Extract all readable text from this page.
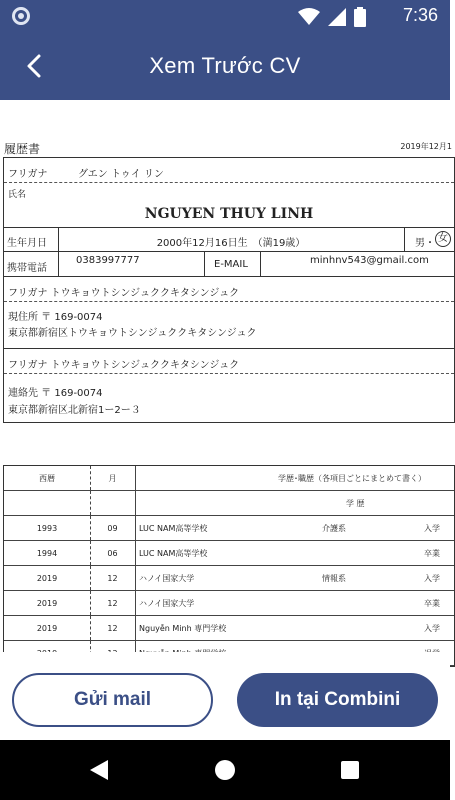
7:36
Xem Trước CV
履歴書	2019年12月1
フリガナ	グエン トゥイ リン
氏名
NGUYEN THUY LINH
生年月日	2000年12月16日生　（満19歳）	男・ 女
携帯電話
0383997777	E-MAIL	minhnv543@gmail.com
フリガナ トウキョウトシンジュククキタシンジュク
現住所 〒 169-0074
東京都新宿区トウキョウトシンジュククキタシンジュク
フリガナ トウキョウトシンジュククキタシンジュク
連絡先 〒 169-0074
東京都新宿区北新宿1ー2ー３
西暦	月	学歴･職歴（各項目ごとにまとめて書く）
学 歴
1993	09	LUC NAM高等学校	介護系	入学
1994	06	LUC NAM高等学校	卒業
2019	12	ハノイ国家大学	情報系	入学
2019	12	ハノイ国家大学	卒業
2019	12	Nguyễn Minh 専門学校	入学
Gửi mail	In tại Combini
